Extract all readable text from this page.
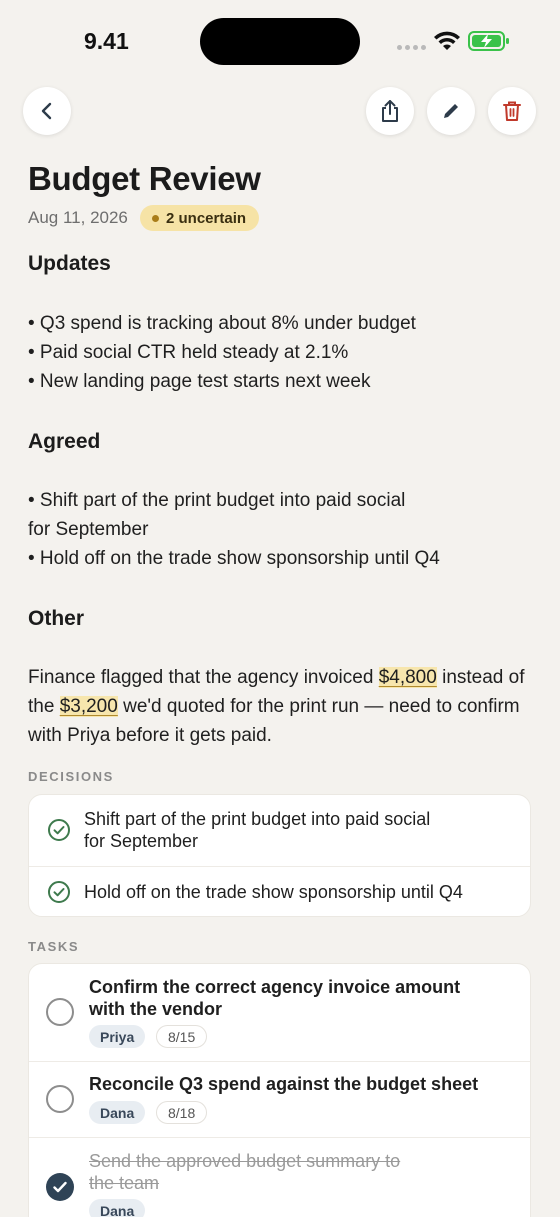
9.41
Budget Review
Aug 11, 2026	2 uncertain
Updates
• Q3 spend is tracking about 8% under budget
• Paid social CTR held steady at 2.1%
• New landing page test starts next week
Agreed
• Shift part of the print budget into paid social
for September
• Hold off on the trade show sponsorship until Q4
Other
Finance flagged that the agency invoiced $4,800 instead of the $3,200 we'd quoted for the print run — need to confirm with Priya before it gets paid.
DECISIONS
Shift part of the print budget into paid social
for September
Hold off on the trade show sponsorship until Q4
TASKS
Confirm the correct agency invoice amount
with the vendor
Priya	8/15
Reconcile Q3 spend against the budget sheet
Dana	8/18
Send the approved budget summary to
the team
Dana
